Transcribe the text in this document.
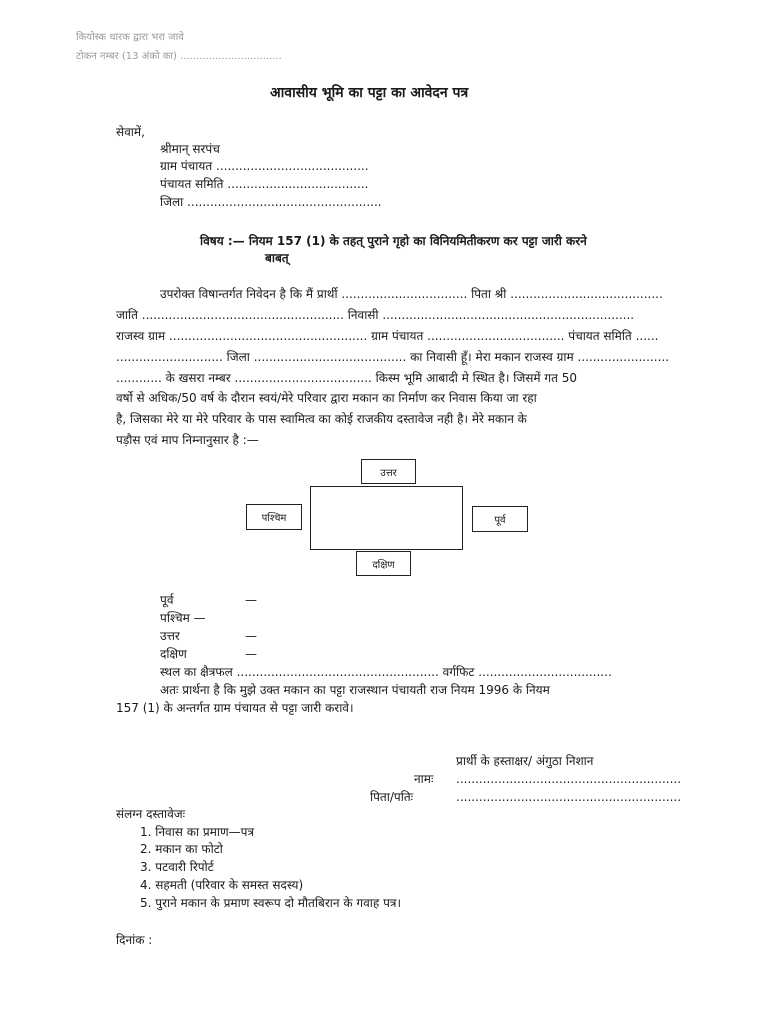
कियोस्क धारक द्वारा भरा जावे
टोकन नम्बर (13 अंको का) ................................
आवासीय भूमि का पट्टा का आवेदन पत्र
सेवामें,
श्रीमान् सरपंच
ग्राम पंचायत ........................................
पंचायत समिति .....................................
जिला ...................................................
विषय :— नियम 157 (1) के तहत् पुराने गृहो का विनियमितीकरण कर पट्टा जारी करने
बाबत्
उपरोक्त विषान्तर्गत निवेदन है कि मैं प्रार्थी ................................. पिता श्री ........................................
जाति ..................................................... निवासी ..................................................................
राजस्व ग्राम .................................................... ग्राम पंचायत .................................... पंचायत समिति ......
............................ जिला ........................................ का निवासी हूँ। मेरा मकान राजस्व ग्राम ........................
............ के खसरा नम्बर .................................... किस्म भूमि आबादी मे स्थित है। जिसमें गत 50
वर्षो से अधिक/50 वर्ष के दौरान स्वयं/मेरे परिवार द्वारा मकान का निर्माण कर निवास किया जा रहा
है, जिसका मेरे या मेरे परिवार के पास स्वामित्व का कोई राजकीय दस्तावेज नही है। मेरे मकान के
पड़ौस एवं माप निम्नानुसार है :—
उत्तर
पश्चिम	पूर्व
दक्षिण
पूर्व	—
पश्चिम —
उत्तर	—
दक्षिण	—
स्थल का क्षैत्रफल ..................................................... वर्गफिट ...................................
अतः प्रार्थना है कि मुझे उक्त मकान का पट्टा राजस्थान पंचायती राज नियम 1996 के नियम
157 (1) के अन्तर्गत ग्राम पंचायत से पट्टा जारी करावे।
प्रार्थी के हस्ताक्षर/ अंगुठा निशान
नामः ...........................................................
पिता/पतिः	...........................................................
संलग्न दस्तावेजः
1. निवास का प्रमाण—पत्र
2. मकान का फोटो
3. पटवारी रिपोर्ट
4. सहमती (परिवार के समस्त सदस्य)
5. पुराने मकान के प्रमाण स्वरूप दो मौतबिरान के गवाह पत्र।
दिनांक :
